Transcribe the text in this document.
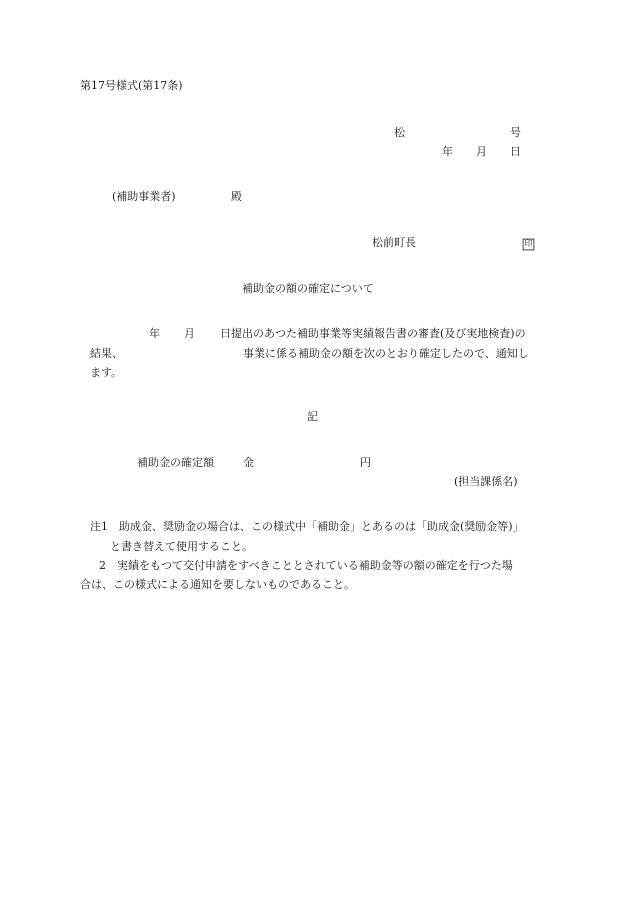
第17号様式(第17条)
松	号
年 月 日
(補助事業者)	殿
松前町長	印
補助金の額の確定について
年 月 日提出のあつた補助事業等実績報告書の審査(及び実地検査)の
結果、	事業に係る補助金の額を次のとおり確定したので、通知し
ます。
記
補助金の確定額	金	円
(担当課係名)
注1　助成金、奨励金の場合は、この様式中「補助金」とあるのは「助成金(奨励金等)」
と書き替えて使用すること。
2　実績をもつて交付申請をすべきこととされている補助金等の額の確定を行つた場
合は、この様式による通知を要しないものであること。
